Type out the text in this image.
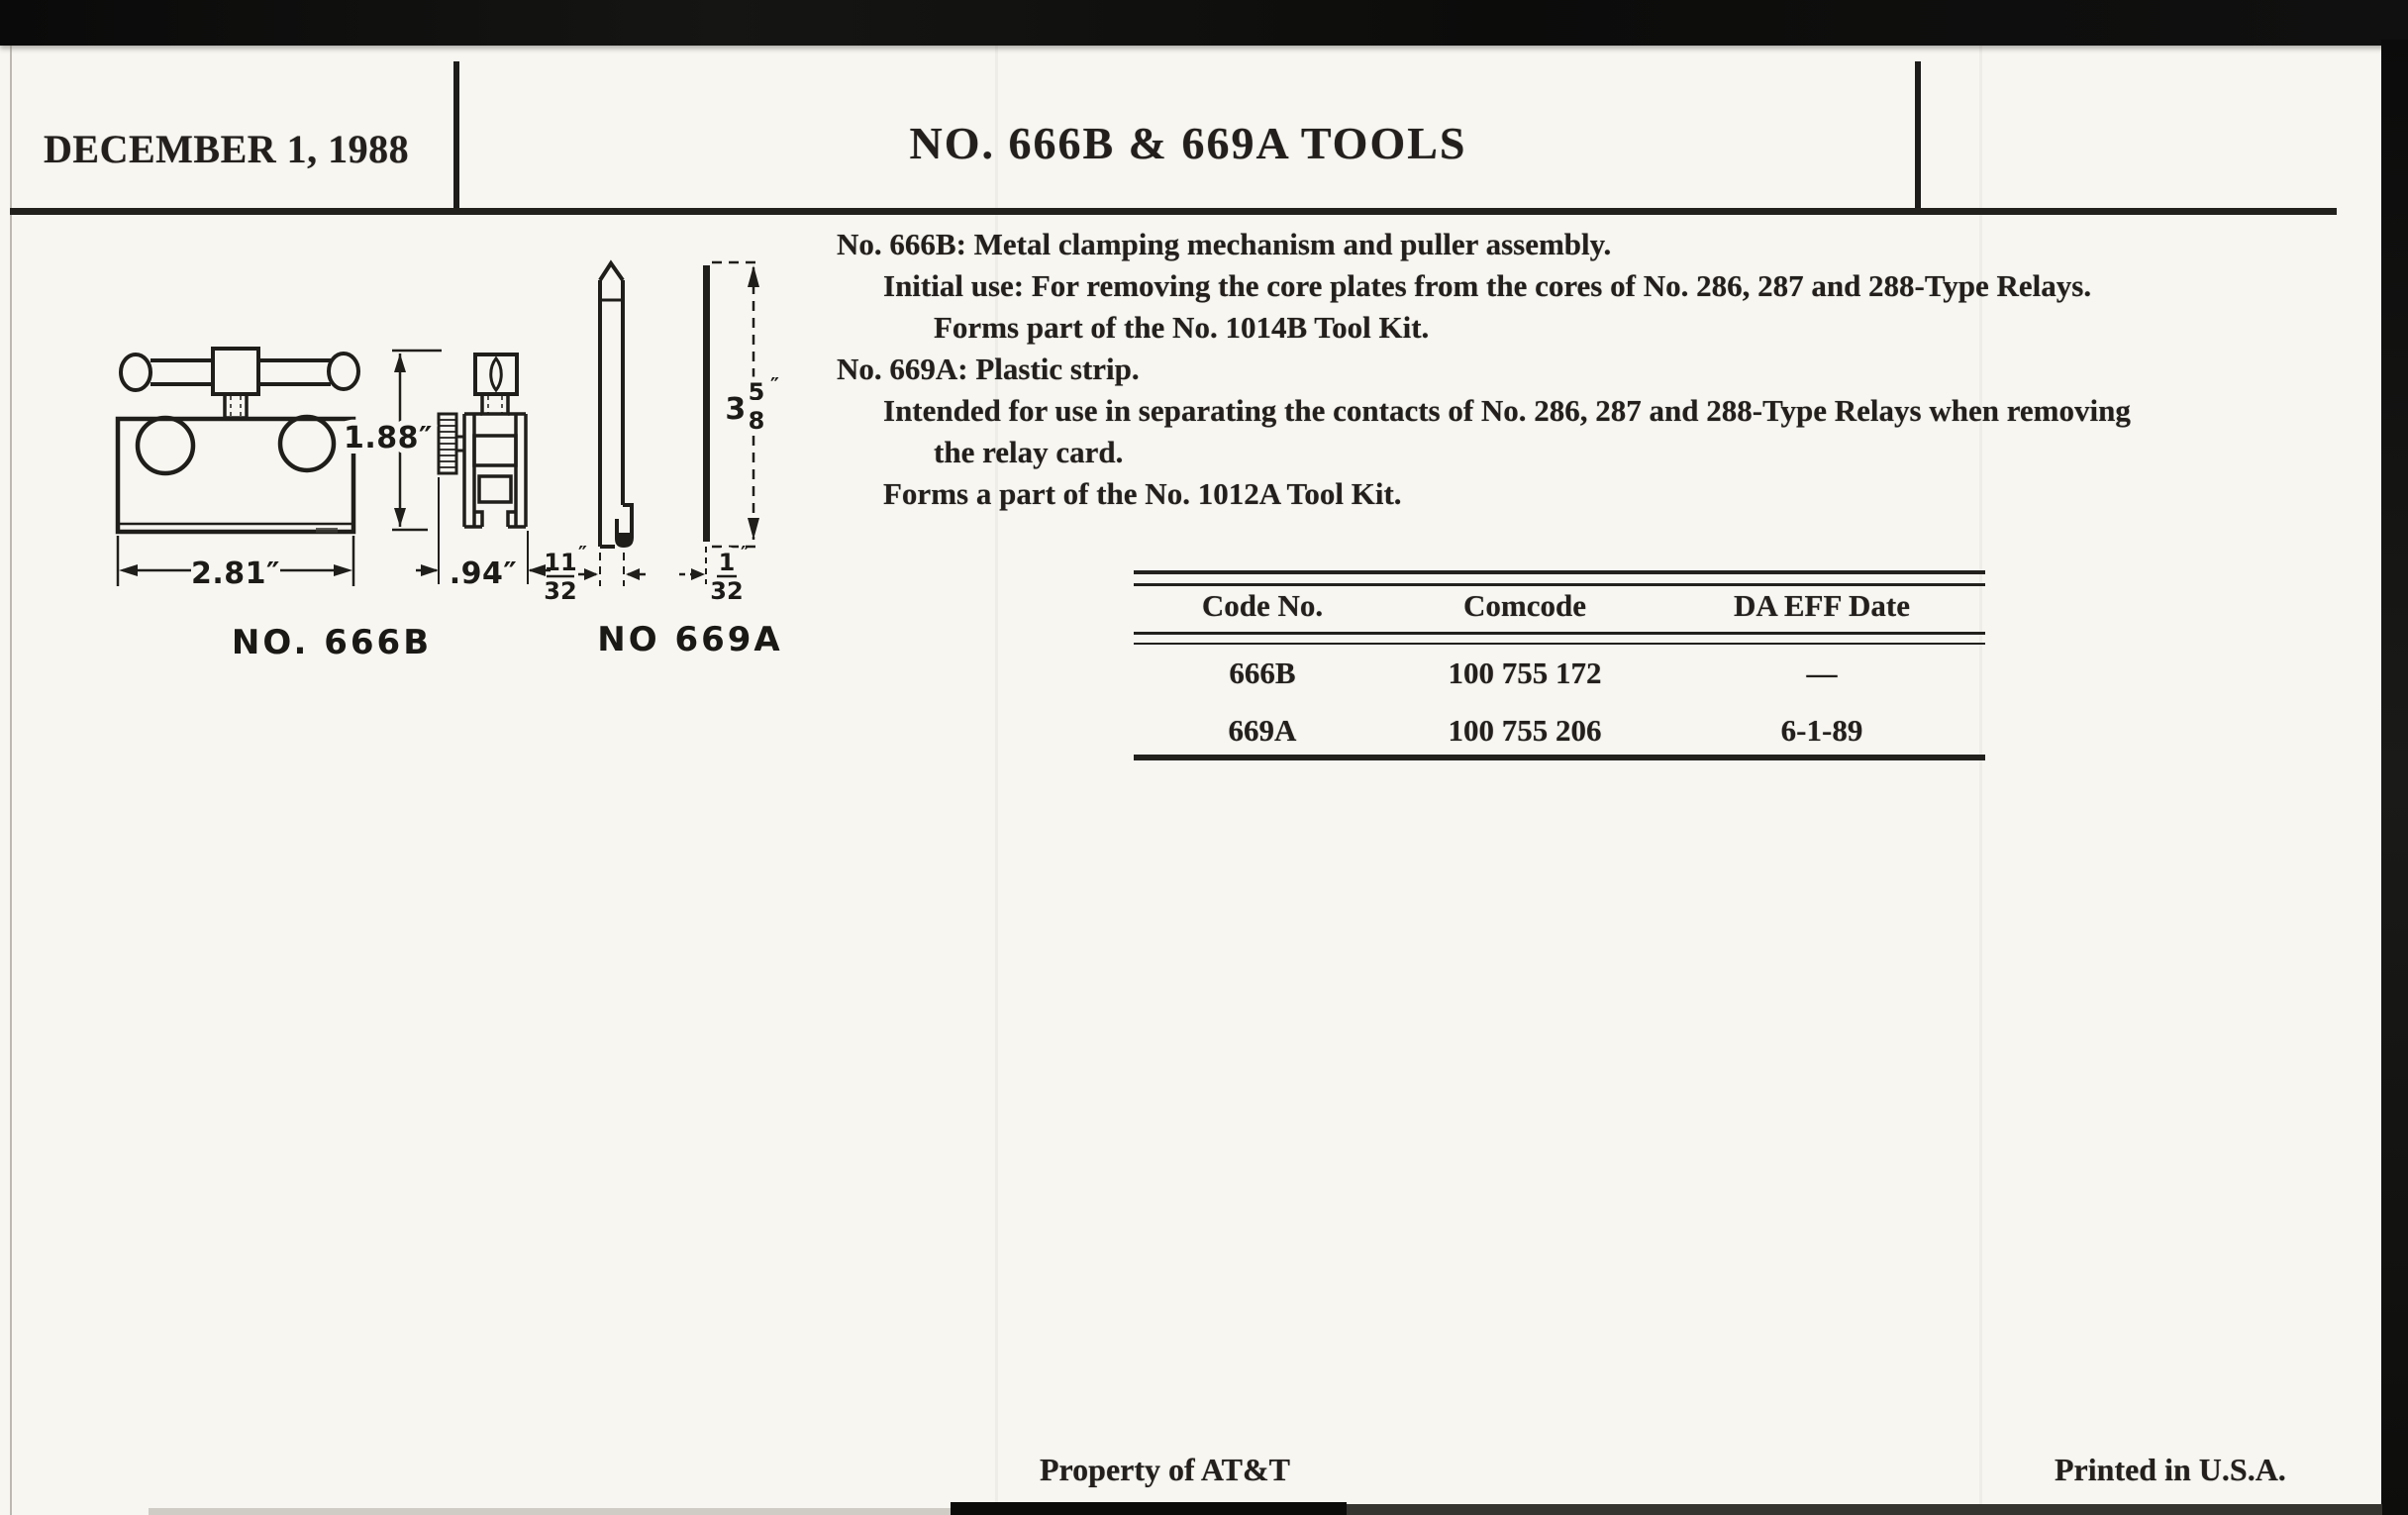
DECEMBER 1, 1988	NO. 666B & 669A TOOLS
No. 666B: Metal clamping mechanism and puller assembly.
Initial use: For removing the core plates from the cores of No. 286, 287 and 288-Type Relays.
Forms part of the No. 1014B Tool Kit.
No. 669A: Plastic strip.
Intended for use in separating the contacts of No. 286, 287 and 288-Type Relays when removing
the relay card.
Forms a part of the No. 1012A Tool Kit.
Code No.	Comcode	DA EFF Date
666B	100 755 172	—
669A	100 755 206	6-1-89
2.81″
1.88″
.94″ 11
32
″
3 5
8
″
1
32
″
NO. 666B	NO 669A
Property of AT&T	Printed in U.S.A.
